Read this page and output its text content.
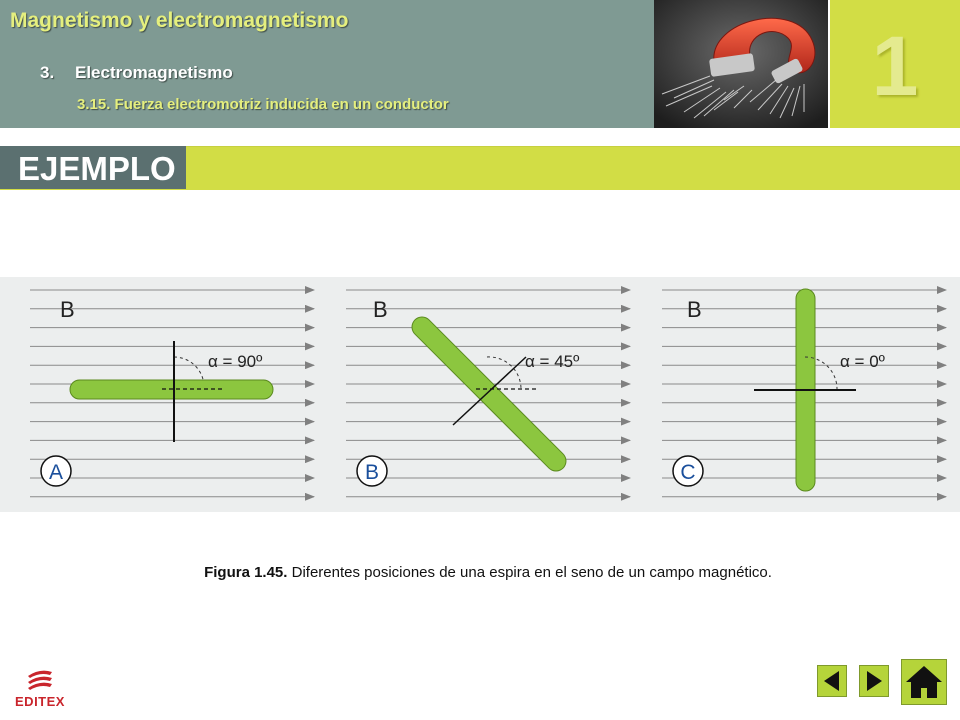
Magnetismo y electromagnetismo
3. Electromagnetismo
3.15. Fuerza electromotriz inducida en un conductor	1
EJEMPLO
B
α = 90º
A
B
α = 45º
B
B
α = 0º
C
Figura 1.45. Diferentes posiciones de una espira en el seno de un campo magnético.
EDITEX
